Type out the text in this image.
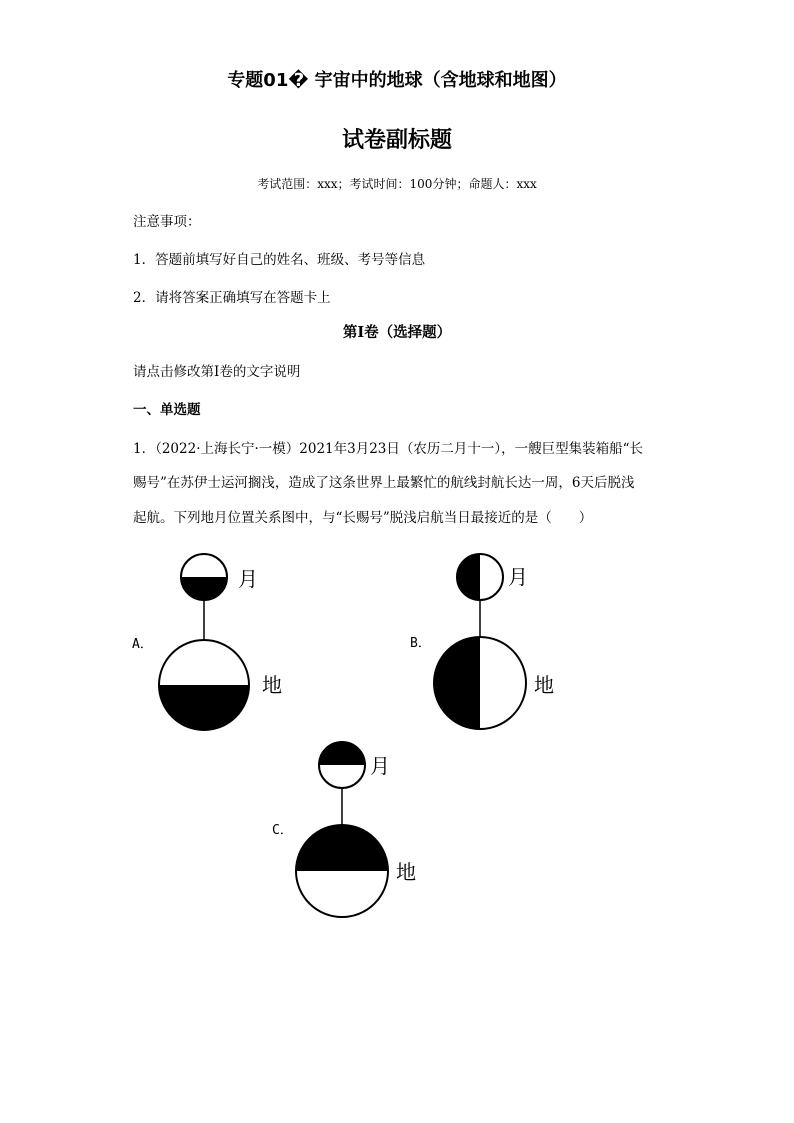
专题01� 宇宙中的地球（含地球和地图）
试卷副标题
考试范围：xxx；考试时间：100分钟；命题人：xxx
注意事项：
1．答题前填写好自己的姓名、班级、考号等信息
2．请将答案正确填写在答题卡上
第I卷（选择题）
请点击修改第I卷的文字说明
一、单选题
1．（2022·上海长宁·一模）2021年3月23日（农历二月十一），一艘巨型集装箱船“长
赐号”在苏伊士运河搁浅，造成了这条世界上最繁忙的航线封航长达一周，6天后脱浅
起航。下列地月位置关系图中，与“长赐号”脱浅启航当日最接近的是（　　）
A．
月
地
B．
月
地
C．
月
地
